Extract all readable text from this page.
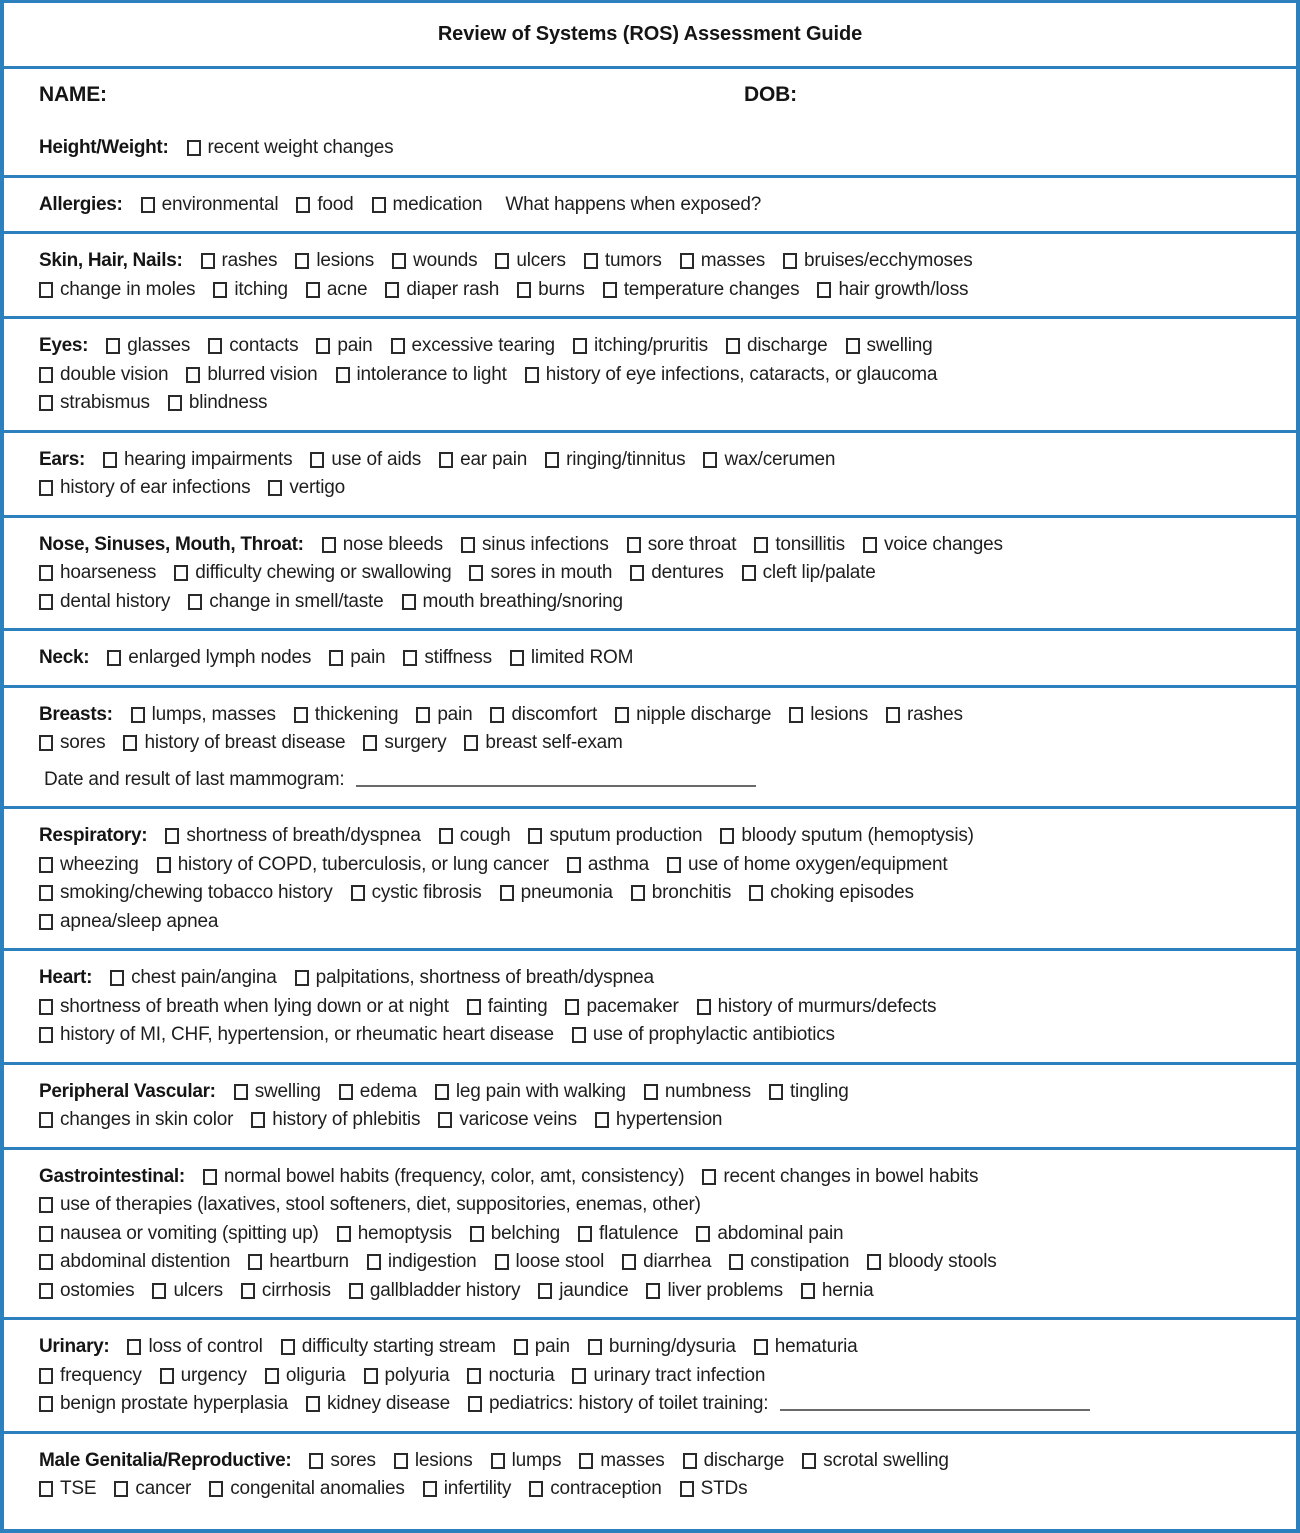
Review of Systems (ROS) Assessment Guide
NAME:	DOB:
Height/Weight: recent weight changes
Allergies: environmental food medication What happens when exposed?
Skin, Hair, Nails: rashes lesions wounds ulcers tumors masses bruises/ecchymoses
change in moles itching acne diaper rash burns temperature changes hair growth/loss
Eyes: glasses contacts pain excessive tearing itching/pruritis discharge swelling
double vision blurred vision intolerance to light history of eye infections, cataracts, or glaucoma
strabismus blindness
Ears: hearing impairments use of aids ear pain ringing/tinnitus wax/cerumen
history of ear infections vertigo
Nose, Sinuses, Mouth, Throat: nose bleeds sinus infections sore throat tonsillitis voice changes
hoarseness difficulty chewing or swallowing sores in mouth dentures cleft lip/palate
dental history change in smell/taste mouth breathing/snoring
Neck: enlarged lymph nodes pain stiffness limited ROM
Breasts: lumps, masses thickening pain discomfort nipple discharge lesions rashes
sores history of breast disease surgery breast self-exam
Date and result of last mammogram:
Respiratory: shortness of breath/dyspnea cough sputum production bloody sputum (hemoptysis)
wheezing history of COPD, tuberculosis, or lung cancer asthma use of home oxygen/equipment
smoking/chewing tobacco history cystic fibrosis pneumonia bronchitis choking episodes
apnea/sleep apnea
Heart: chest pain/angina palpitations, shortness of breath/dyspnea
shortness of breath when lying down or at night fainting pacemaker history of murmurs/defects
history of MI, CHF, hypertension, or rheumatic heart disease use of prophylactic antibiotics
Peripheral Vascular: swelling edema leg pain with walking numbness tingling
changes in skin color history of phlebitis varicose veins hypertension
Gastrointestinal: normal bowel habits (frequency, color, amt, consistency) recent changes in bowel habits
use of therapies (laxatives, stool softeners, diet, suppositories, enemas, other)
nausea or vomiting (spitting up) hemoptysis belching flatulence abdominal pain
abdominal distention heartburn indigestion loose stool diarrhea constipation bloody stools
ostomies ulcers cirrhosis gallbladder history jaundice liver problems hernia
Urinary: loss of control difficulty starting stream pain burning/dysuria hematuria
frequency urgency oliguria polyuria nocturia urinary tract infection
benign prostate hyperplasia kidney disease pediatrics: history of toilet training:
Male Genitalia/Reproductive: sores lesions lumps masses discharge scrotal swelling
TSE cancer congenital anomalies infertility contraception STDs
